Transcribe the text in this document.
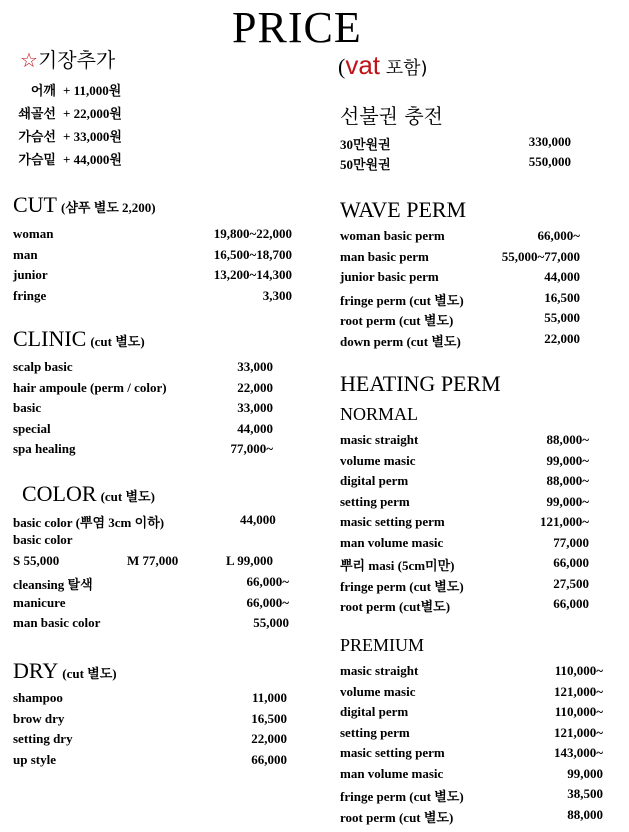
PRICE
(vat 포함)
☆기장추가
어깨 + 11,000원
쇄골선 + 22,000원
가슴선 + 33,000원
가슴밑 + 44,000원
선불권 충전
30만원권	330,000
50만원권	550,000
CUT (샴푸 별도 2,200)
woman	19,800~22,000
man	16,500~18,700
junior	13,200~14,300
fringe	3,300
CLINIC (cut 별도)
scalp basic	33,000
hair ampoule (perm / color)	22,000
basic	33,000
special	44,000
spa healing	77,000~
COLOR (cut 별도)
basic color (뿌염 3cm 이하)	44,000
basic color
S 55,000	M 77,000	L 99,000
cleansing 탈색	66,000~
manicure	66,000~
man basic color	55,000
DRY (cut 별도)
shampoo	11,000
brow dry	16,500
setting dry	22,000
up style	66,000
WAVE PERM
woman basic perm	66,000~
man basic perm	55,000~77,000
junior basic perm	44,000
fringe perm (cut 별도)	16,500
root perm (cut 별도)	55,000
down perm (cut 별도)	22,000
HEATING PERM
NORMAL
masic straight	88,000~
volume masic	99,000~
digital perm	88,000~
setting perm	99,000~
masic setting perm	121,000~
man volume masic	77,000
뿌리 masi (5cm미만)	66,000
fringe perm (cut 별도)	27,500
root perm (cut별도)	66,000
PREMIUM
masic straight	110,000~
volume masic	121,000~
digital perm	110,000~
setting perm	121,000~
masic setting perm	143,000~
man volume masic	99,000
fringe perm (cut 별도)	38,500
root perm (cut 별도)	88,000
